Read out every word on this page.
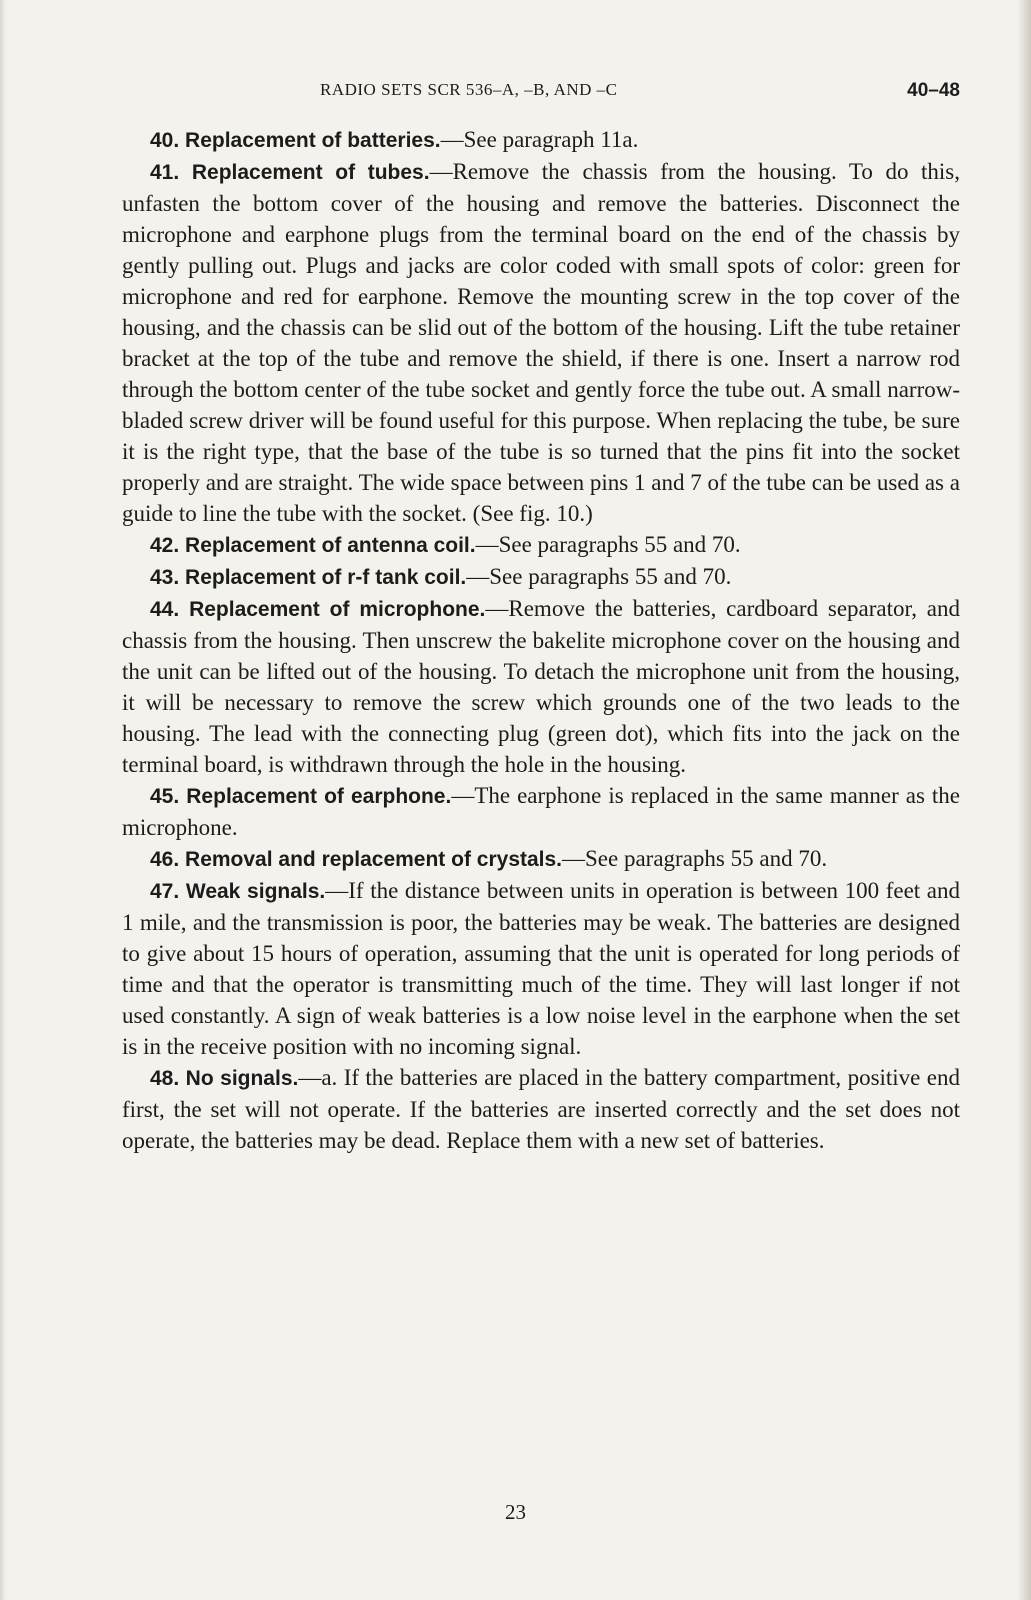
RADIO SETS SCR 536–A, –B, AND –C	40–48

40. Replacement of batteries.—See paragraph 11a.

41. Replacement of tubes.—Remove the chassis from the housing. To do this, unfasten the bottom cover of the housing and remove the batteries. Disconnect the microphone and earphone plugs from the terminal board on the end of the chassis by gently pulling out. Plugs and jacks are color coded with small spots of color: green for microphone and red for earphone. Remove the mounting screw in the top cover of the housing, and the chassis can be slid out of the bottom of the housing. Lift the tube retainer bracket at the top of the tube and remove the shield, if there is one. Insert a narrow rod through the bottom center of the tube socket and gently force the tube out. A small narrow-bladed screw driver will be found useful for this purpose. When replacing the tube, be sure it is the right type, that the base of the tube is so turned that the pins fit into the socket properly and are straight. The wide space between pins 1 and 7 of the tube can be used as a guide to line the tube with the socket. (See fig. 10.)

42. Replacement of antenna coil.—See paragraphs 55 and 70.

43. Replacement of r-f tank coil.—See paragraphs 55 and 70.

44. Replacement of microphone.—Remove the batteries, cardboard separator, and chassis from the housing. Then unscrew the bakelite microphone cover on the housing and the unit can be lifted out of the housing. To detach the microphone unit from the housing, it will be necessary to remove the screw which grounds one of the two leads to the housing. The lead with the connecting plug (green dot), which fits into the jack on the terminal board, is withdrawn through the hole in the housing.

45. Replacement of earphone.—The earphone is replaced in the same manner as the microphone.

46. Removal and replacement of crystals.—See paragraphs 55 and 70.

47. Weak signals.—If the distance between units in operation is between 100 feet and 1 mile, and the transmission is poor, the batteries may be weak. The batteries are designed to give about 15 hours of operation, assuming that the unit is operated for long periods of time and that the operator is transmitting much of the time. They will last longer if not used constantly. A sign of weak batteries is a low noise level in the earphone when the set is in the receive position with no incoming signal.

48. No signals.—a. If the batteries are placed in the battery compartment, positive end first, the set will not operate. If the batteries are inserted correctly and the set does not operate, the batteries may be dead. Replace them with a new set of batteries.

23
